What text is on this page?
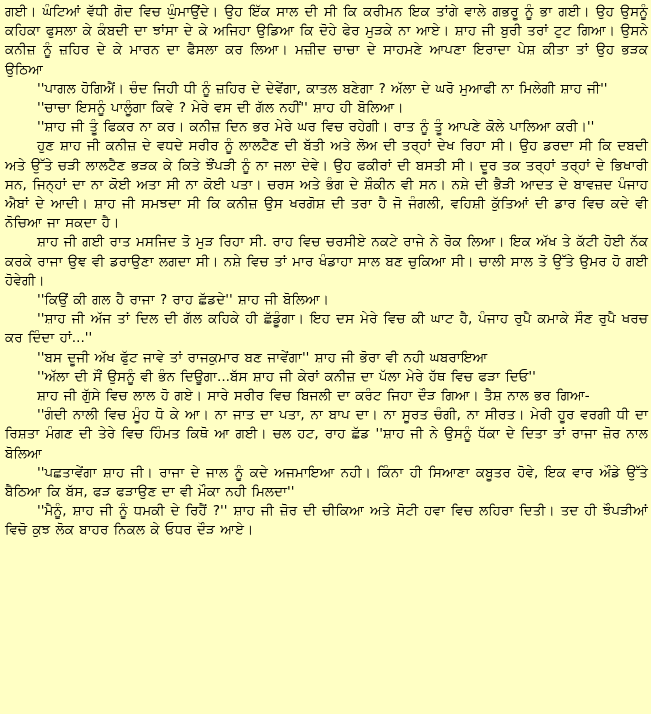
ਗਈ। ਘੰਟਿਆਂ ਵੱਧੀ ਗੋਦ ਵਿਚ ਘੁੰਮਾਉਂਦੇ। ਉਹ ਇੱਕ ਸਾਲ ਦੀ ਸੀ ਕਿ ਕਰੀਮਨ ਇਕ ਤਾਂਗੇ ਵਾਲੇ ਗਭਰੂ ਨੂੰ ਭਾ ਗਈ। ਉਹ ਉਸਨੂੰ ਕਹਿਕਾ ਫੁਸਲਾ ਕੇ ਕੰਬਦੀ ਦਾ ਝਾਂਸਾ ਦੇ ਕੇ ਅਜਿਹਾ ਉਡਿਆ ਕਿ ਦੋਹੇ ਫੇਰ ਮੁੜਕੇ ਨਾ ਆਏ। ਸ਼ਾਹ ਜੀ ਬੁਰੀ ਤਰਾਂ ਟੁਟ ਗਿਆ। ਉਸਨੇ ਕਨੀਜ਼ ਨੂੰ ਜ਼ਹਿਰ ਦੇ ਕੇ ਮਾਰਨ ਦਾ ਫੈਸਲਾ ਕਰ ਲਿਆ। ਮਜ਼ੀਦ ਚਾਚਾ ਦੇ ਸਾਹਮਣੇ ਆਪਣਾ ਇਰਾਦਾ ਪੇਸ਼ ਕੀਤਾ ਤਾਂ ਉਹ ਭੜਕ ਉਠਿਆ

''ਪਾਗਲ ਹੋਗਿਐਂ। ਚੰਦ ਜਿਹੀ ਧੀ ਨੂੰ ਜ਼ਹਿਰ ਦੇ ਦੇਵੇਂਗਾ, ਕਾਤਲ ਬਣੇਗਾ ? ਅੱਲਾ ਦੇ ਘਰੋ ਮੁਆਫੀ ਨਾ ਮਿਲੇਗੀ ਸ਼ਾਹ ਜੀ''

''ਚਾਚਾ ਇਸਨੂੰ ਪਾਲੂੰਗਾ ਕਿਵੇ ? ਮੇਰੇ ਵਸ ਦੀ ਗੱਲ ਨਹੀਂ'' ਸ਼ਾਹ ਹੀ ਬੋਲਿਆ।

''ਸ਼ਾਹ ਜੀ ਤੂੰ ਫਿਕਰ ਨਾ ਕਰ। ਕਨੀਜ਼ ਦਿਨ ਭਰ ਮੇਰੇ ਘਰ ਵਿਚ ਰਹੇਗੀ। ਰਾਤ ਨੂੰ ਤੂੰ ਆਪਣੇ ਕੋਲੇ ਪਾਲਿਆ ਕਰੀ।''

ਹੁਣ ਸ਼ਾਹ ਜੀ ਕਨੀਜ਼ ਦੇ ਵਧਦੇ ਸਰੀਰ ਨੂੰ ਲਾਲਟੈਣ ਦੀ ਬੱਤੀ ਅਤੇ ਲੋਅ ਦੀ ਤਰ੍ਹਾਂ ਦੇਖ ਰਿਹਾ ਸੀ। ਉਹ ਡਰਦਾ ਸੀ ਕਿ ਦਬਦੀ ਅਤੇ ਉੱਤੇ ਚੜੀ ਲਾਲਟੈਣ ਭੜਕ ਕੇ ਕਿਤੇ ਝੌਂਪੜੀ ਨੂੰ ਨਾ ਜਲਾ ਦੇਵੇ। ਉਹ ਫਕੀਰਾਂ ਦੀ ਬਸਤੀ ਸੀ। ਦੂਰ ਤਕ ਤਰ੍ਹਾਂ ਤਰ੍ਹਾਂ ਦੇ ਭਿਖਾਰੀ ਸਨ, ਜਿਨ੍ਹਾਂ ਦਾ ਨਾ ਕੋਈ ਅਤਾ ਸੀ ਨਾ ਕੋਈ ਪਤਾ। ਚਰਸ ਅਤੇ ਭੰਗ ਦੇ ਸ਼ੌਕੀਨ ਵੀ ਸਨ। ਨਸ਼ੇ ਦੀ ਭੈੜੀ ਆਦਤ ਦੇ ਬਾਵਜ਼ਦ ਪੰਜਾਹ ਐਬਾਂ ਦੇ ਆਦੀ। ਸ਼ਾਹ ਜੀ ਸਮਝਦਾ ਸੀ ਕਿ ਕਨੀਜ਼ ਉਸ ਖਰਗੋਸ਼ ਦੀ ਤਰਾ ਹੈ ਜੋ ਜੰਗਲੀ, ਵਹਿਸ਼ੀ ਕੁੱਤਿਆਂ ਦੀ ਡਾਰ ਵਿਚ ਕਦੇ ਵੀ ਨੋਚਿਆ ਜਾ ਸਕਦਾ ਹੈ।

ਸ਼ਾਹ ਜੀ ਗਈ ਰਾਤ ਮਸਜਿਦ ਤੋ ਮੁੜ ਰਿਹਾ ਸੀ. ਰਾਹ ਵਿਚ ਚਰਸੀਏ ਨਕਟੇ ਰਾਜੇ ਨੇ ਰੋਕ ਲਿਆ। ਇਕ ਅੱਖ ਤੇ ਕੱਟੀ ਹੋਈ ਨੱਕ ਕਰਕੇ ਰਾਜਾ ਉਞ ਵੀ ਡਰਾਉਣਾ ਲਗਦਾ ਸੀ। ਨਸ਼ੇ ਵਿਚ ਤਾਂ ਮਾਰ ਖੰਡਾਹਾ ਸਾਲ ਬਣ ਚੁਕਿਆ ਸੀ। ਚਾਲੀ ਸਾਲ ਤੋ ਉੱਤੇ ਉਮਰ ਹੋ ਗਈ ਹੋਵੇਗੀ।

''ਕਿਉਂ ਕੀ ਗਲ ਹੈ ਰਾਜਾ ? ਰਾਹ ਛੱਡਦੇ'' ਸ਼ਾਹ ਜੀ ਬੋਲਿਆ।

''ਸ਼ਾਹ ਜੀ ਅੱਜ ਤਾਂ ਦਿਲ ਦੀ ਗੱਲ ਕਹਿਕੇ ਹੀ ਛੱਡੂੰਗਾ। ਇਹ ਦਸ ਮੇਰੇ ਵਿਚ ਕੀ ਘਾਟ ਹੈ, ਪੰਜਾਹ ਰੁਪੈ ਕਮਾਕੇ ਸੌਣ ਰੁਪੈ ਖਰਚ ਕਰ ਦਿੰਦਾ ਹਾਂ...''

''ਬਸ ਦੂਜੀ ਅੱਖ ਫੁੱਟ ਜਾਵੇ ਤਾਂ ਰਾਜਕੁਮਾਰ ਬਣ ਜਾਵੇਂਗਾ'' ਸ਼ਾਹ ਜੀ ਭੋਰਾ ਵੀ ਨਹੀ ਘਬਰਾਇਆ

''ਅੱਲਾ ਦੀ ਸੌਂ ਉਸਨੂੰ ਵੀ ਭੰਨ ਦਿਊਗਾ...ਬੱਸ ਸ਼ਾਹ ਜੀ ਕੇਰਾਂ ਕਨੀਜ਼ ਦਾ ਪੱਲਾ ਮੇਰੇ ਹੱਥ ਵਿਚ ਫੜਾ ਦਿਓ''

ਸ਼ਾਹ ਜੀ ਗੁੱਸੇ ਵਿਚ ਲਾਲ ਹੋ ਗਏ। ਸਾਰੇ ਸਰੀਰ ਵਿਚ ਬਿਜਲੀ ਦਾ ਕਰੰਟ ਜਿਹਾ ਦੌੜ ਗਿਆ। ਤੈਸ਼ ਨਾਲ ਭਰ ਗਿਆ-

''ਗੰਦੀ ਨਾਲੀ ਵਿਚ ਮੂੰਹ ਧੋ ਕੇ ਆ। ਨਾ ਜਾਤ ਦਾ ਪਤਾ, ਨਾ ਬਾਪ ਦਾ। ਨਾ ਸੂਰਤ ਚੰਗੀ, ਨਾ ਸੀਰਤ। ਮੇਰੀ ਹੂਰ ਵਰਗੀ ਧੀ ਦਾ ਰਿਸ਼ਤਾ ਮੰਗਣ ਦੀ ਤੇਰੇ ਵਿਚ ਹਿੰਮਤ ਕਿਥੋ ਆ ਗਈ। ਚਲ ਹਟ, ਰਾਹ ਛੱਡ ''ਸ਼ਾਹ ਜੀ ਨੇ ਉਸਨੂੰ ਧੱਕਾ ਦੇ ਦਿਤਾ ਤਾਂ ਰਾਜਾ ਜ਼ੋਰ ਨਾਲ ਬੋਲਿਆ

''ਪਛਤਾਵੇਂਗਾ ਸ਼ਾਹ ਜੀ। ਰਾਜਾ ਦੇ ਜਾਲ ਨੂੰ ਕਦੇ ਅਜਮਾਇਆ ਨਹੀ। ਕਿੰਨਾ ਹੀ ਸਿਆਣਾ ਕਬੂਤਰ ਹੋਵੇ, ਇਕ ਵਾਰ ਔਡੇ ਉੱਤੇ ਬੈਠਿਆ ਕਿ ਬੱਸ, ਫੜ ਫੜਾਉਣ ਦਾ ਵੀ ਮੌਕਾ ਨਹੀ ਮਿਲਦਾ''

''ਮੈਨੂੰ, ਸ਼ਾਹ ਜੀ ਨੂੰ ਧਮਕੀ ਦੇ ਰਿਹੈਂ ?'' ਸ਼ਾਹ ਜੀ ਜ਼ੋਰ ਦੀ ਚੀਕਿਆ ਅਤੇ ਸੋਟੀ ਹਵਾ ਵਿਚ ਲਹਿਰਾ ਦਿਤੀ। ਤਦ ਹੀ ਝੌਪੜੀਆਂ ਵਿਚੋ ਕੁਝ ਲੋਕ ਬਾਹਰ ਨਿਕਲ ਕੇ ਓਧਰ ਦੌੜ ਆਏ।
